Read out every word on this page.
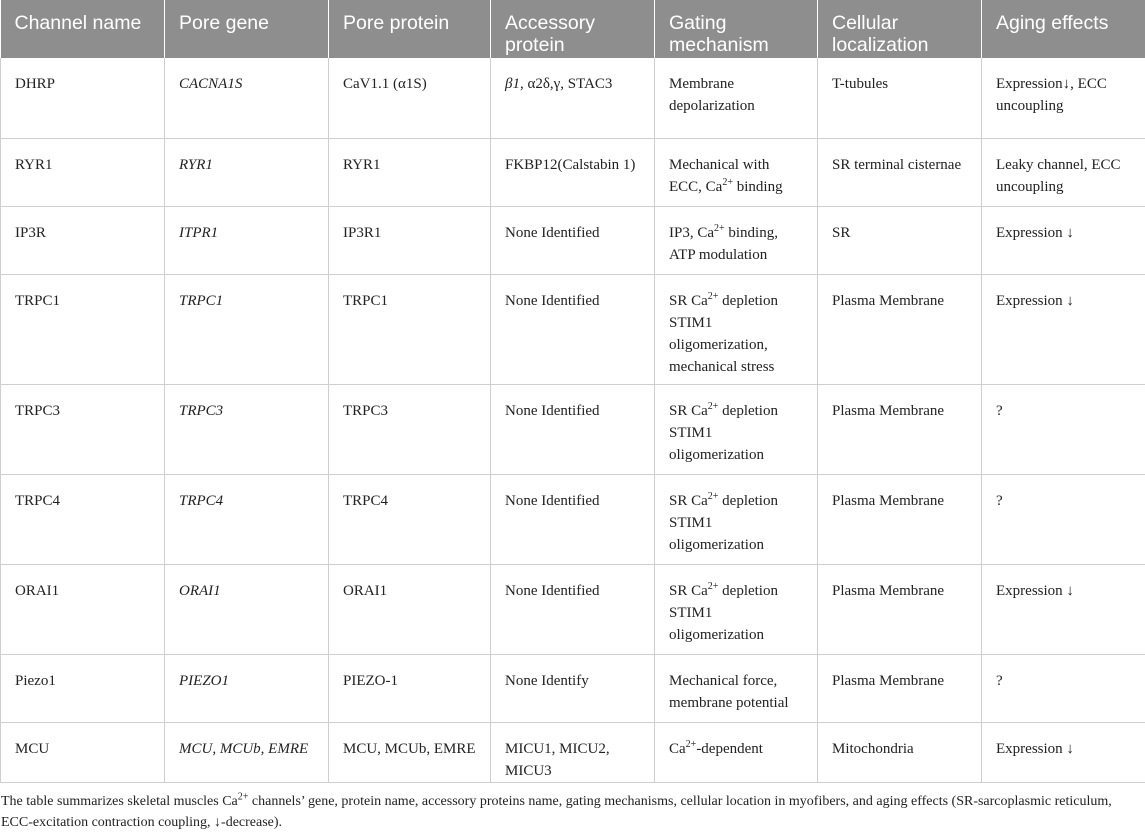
Channel name	Pore gene	Pore protein	Accessory protein	Gating mechanism	Cellular localization	Aging effects
DHRP	CACNA1S	CaV1.1 (α1S)	β1, α2δ,γ, STAC3	Membrane depolarization	T-tubules	Expression↓, ECC uncoupling
RYR1	RYR1	RYR1	FKBP12(Calstabin 1)	Mechanical with ECC, $Ca^{2+}$ binding	SR terminal cisternae	Leaky channel, ECC uncoupling
IP3R	ITPR1	IP3R1	None Identified	IP3, $Ca^{2+}$ binding, ATP modulation	SR	Expression ↓
TRPC1	TRPC1	TRPC1	None Identified	SR $Ca^{2+}$ depletion STIM1 oligomerization, mechanical stress	Plasma Membrane	Expression ↓
TRPC3	TRPC3	TRPC3	None Identified	SR $Ca^{2+}$ depletion STIM1 oligomerization	Plasma Membrane	?
TRPC4	TRPC4	TRPC4	None Identified	SR $Ca^{2+}$ depletion STIM1 oligomerization	Plasma Membrane	?
ORAI1	ORAI1	ORAI1	None Identified	SR $Ca^{2+}$ depletion STIM1 oligomerization	Plasma Membrane	Expression ↓
Piezo1	PIEZO1	PIEZO-1	None Identify	Mechanical force, membrane potential	Plasma Membrane	?
MCU	MCU, MCUb, EMRE	MCU, MCUb, EMRE	MICU1, MICU2, MICU3	$Ca^{2+}$-dependent	Mitochondria	Expression ↓
The table summarizes skeletal muscles $Ca^{2+}$ channels’ gene, protein name, accessory proteins name, gating mechanisms, cellular location in myofibers, and aging effects (SR-sarcoplasmic reticulum, ECC-excitation contraction coupling, ↓-decrease).
